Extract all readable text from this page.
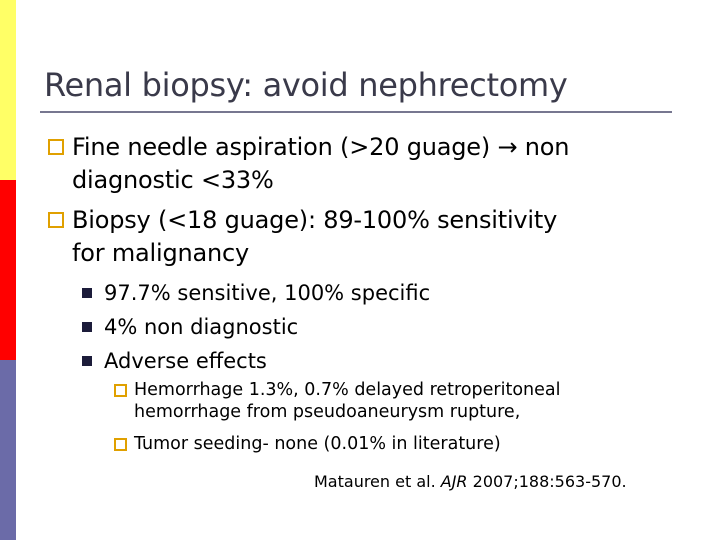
Renal biopsy: avoid nephrectomy
Fine needle aspiration (>20 guage) → non
diagnostic <33%
Biopsy (<18 guage): 89-100% sensitivity
for malignancy
97.7% sensitive, 100% specific
4% non diagnostic
Adverse effects
Hemorrhage 1.3%, 0.7% delayed retroperitoneal
hemorrhage from pseudoaneurysm rupture,
Tumor seeding- none (0.01% in literature)
Matauren et al. AJR 2007;188:563-570.
